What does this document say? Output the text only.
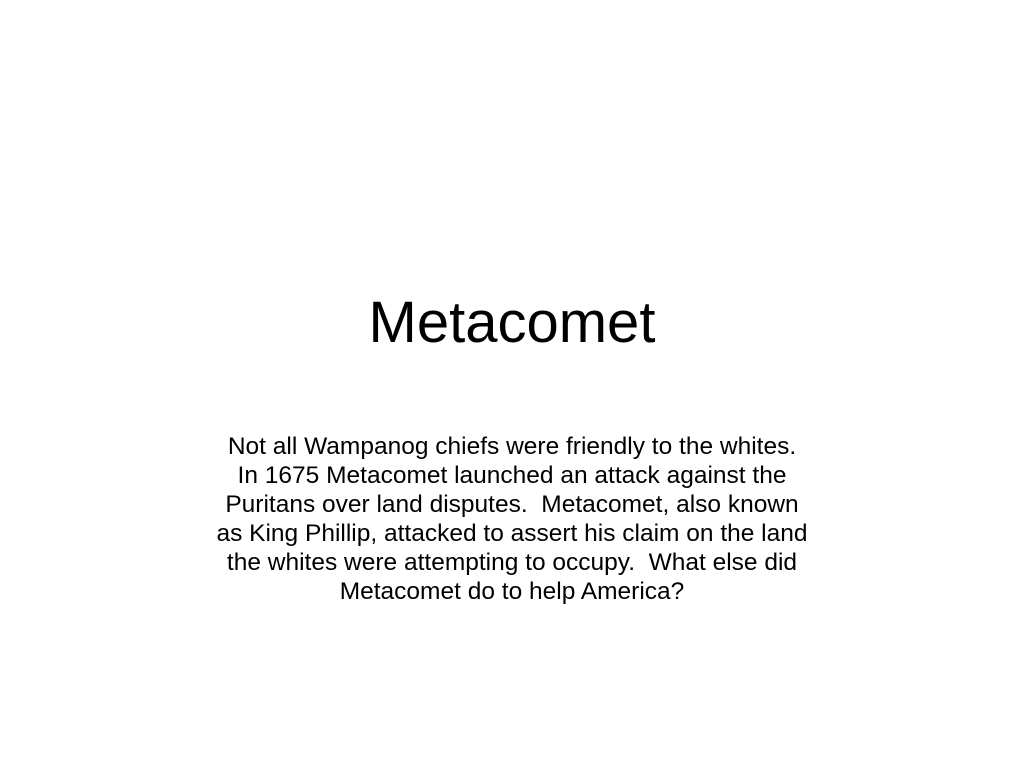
Metacomet
Not all Wampanog chiefs were friendly to the whites.
In 1675 Metacomet launched an attack against the
Puritans over land disputes.  Metacomet, also known
as King Phillip, attacked to assert his claim on the land
the whites were attempting to occupy.  What else did
Metacomet do to help America?
